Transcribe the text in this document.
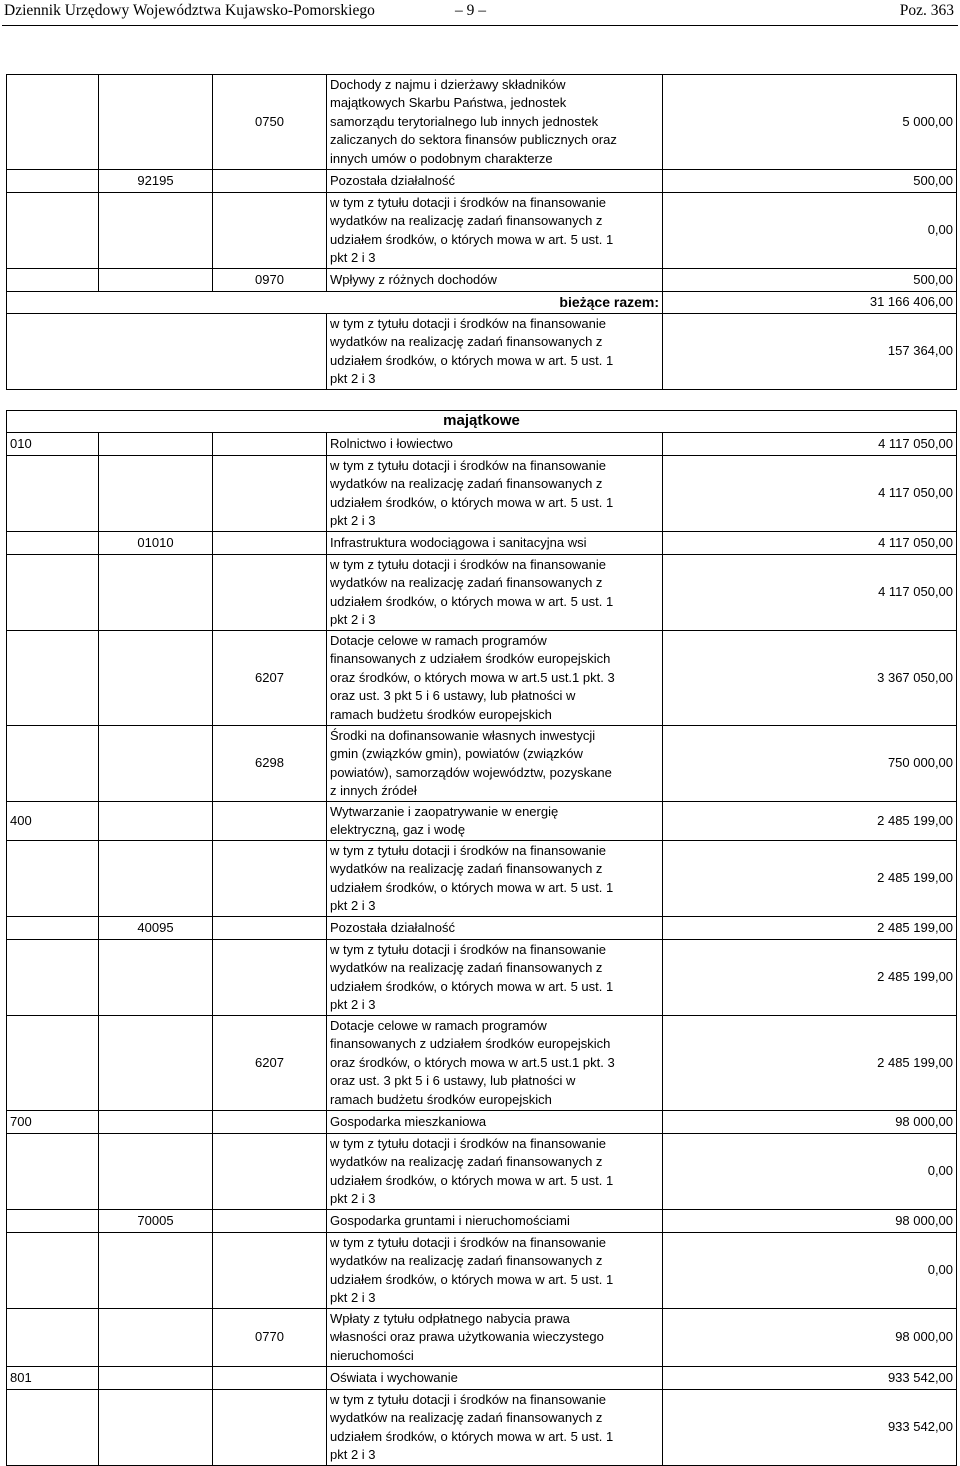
Dziennik Urzędowy Województwa Kujawsko-Pomorskiego	– 9 –	Poz. 363
		0750	Dochody z najmu i dzierżawy składników
majątkowych Skarbu Państwa, jednostek
samorządu terytorialnego lub innych jednostek
zaliczanych do sektora finansów publicznych oraz
innych umów o podobnym charakterze	5 000,00
	92195		Pozostała działalność	500,00
			w tym z tytułu dotacji i środków na finansowanie
wydatków na realizację zadań finansowanych z
udziałem środków, o których mowa w art. 5 ust. 1
pkt 2 i 3	0,00
		0970	Wpływy z różnych dochodów	500,00
bieżące razem:				31 166 406,00
			w tym z tytułu dotacji i środków na finansowanie
wydatków na realizację zadań finansowanych z
udziałem środków, o których mowa w art. 5 ust. 1
pkt 2 i 3	157 364,00
majątkowe				
010			Rolnictwo i łowiectwo	4 117 050,00
			w tym z tytułu dotacji i środków na finansowanie
wydatków na realizację zadań finansowanych z
udziałem środków, o których mowa w art. 5 ust. 1
pkt 2 i 3	4 117 050,00
	01010		Infrastruktura wodociągowa i sanitacyjna wsi	4 117 050,00
			w tym z tytułu dotacji i środków na finansowanie
wydatków na realizację zadań finansowanych z
udziałem środków, o których mowa w art. 5 ust. 1
pkt 2 i 3	4 117 050,00
		6207	Dotacje celowe w ramach programów
finansowanych z udziałem środków europejskich
oraz środków, o których mowa w art.5 ust.1 pkt. 3
oraz ust. 3 pkt 5 i 6 ustawy, lub płatności w
ramach budżetu środków europejskich	3 367 050,00
		6298	Środki na dofinansowanie własnych inwestycji
gmin (związków gmin), powiatów (związków
powiatów), samorządów województw, pozyskane
z innych źródeł	750 000,00
400			Wytwarzanie i zaopatrywanie w energię
elektryczną, gaz i wodę	2 485 199,00
			w tym z tytułu dotacji i środków na finansowanie
wydatków na realizację zadań finansowanych z
udziałem środków, o których mowa w art. 5 ust. 1
pkt 2 i 3	2 485 199,00
	40095		Pozostała działalność	2 485 199,00
			w tym z tytułu dotacji i środków na finansowanie
wydatków na realizację zadań finansowanych z
udziałem środków, o których mowa w art. 5 ust. 1
pkt 2 i 3	2 485 199,00
		6207	Dotacje celowe w ramach programów
finansowanych z udziałem środków europejskich
oraz środków, o których mowa w art.5 ust.1 pkt. 3
oraz ust. 3 pkt 5 i 6 ustawy, lub płatności w
ramach budżetu środków europejskich	2 485 199,00
700			Gospodarka mieszkaniowa	98 000,00
			w tym z tytułu dotacji i środków na finansowanie
wydatków na realizację zadań finansowanych z
udziałem środków, o których mowa w art. 5 ust. 1
pkt 2 i 3	0,00
	70005		Gospodarka gruntami i nieruchomościami	98 000,00
			w tym z tytułu dotacji i środków na finansowanie
wydatków na realizację zadań finansowanych z
udziałem środków, o których mowa w art. 5 ust. 1
pkt 2 i 3	0,00
		0770	Wpłaty z tytułu odpłatnego nabycia prawa
własności oraz prawa użytkowania wieczystego
nieruchomości	98 000,00
801			Oświata i wychowanie	933 542,00
			w tym z tytułu dotacji i środków na finansowanie
wydatków na realizację zadań finansowanych z
udziałem środków, o których mowa w art. 5 ust. 1
pkt 2 i 3	933 542,00
